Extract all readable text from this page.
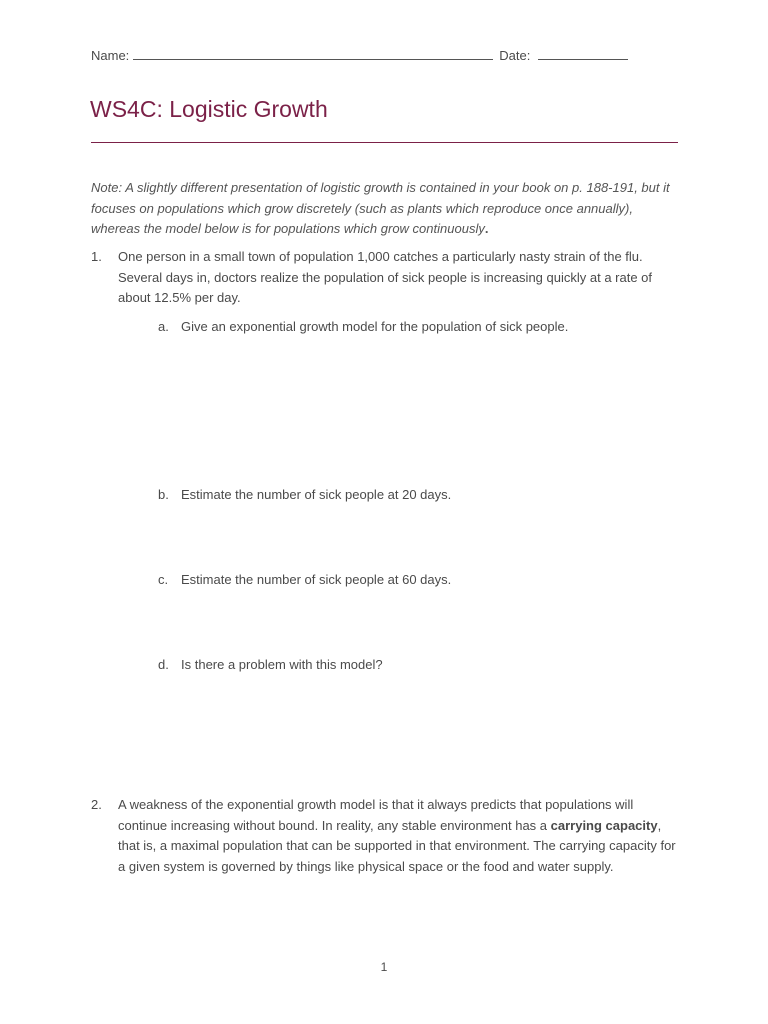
Name:	Date:
WS4C: Logistic Growth

Note: A slightly different presentation of logistic growth is contained in your book on p. 188-191, but it focuses on populations which grow discretely (such as plants which reproduce once annually), whereas the model below is for populations which grow continuously.

1. One person in a small town of population 1,000 catches a particularly nasty strain of the flu. Several days in, doctors realize the population of sick people is increasing quickly at a rate of about 12.5% per day.
a. Give an exponential growth model for the population of sick people.
b. Estimate the number of sick people at 20 days.
c. Estimate the number of sick people at 60 days.
d. Is there a problem with this model?
2. A weakness of the exponential growth model is that it always predicts that populations will continue increasing without bound. In reality, any stable environment has a carrying capacity, that is, a maximal population that can be supported in that environment. The carrying capacity for a given system is governed by things like physical space or the food and water supply.
1
